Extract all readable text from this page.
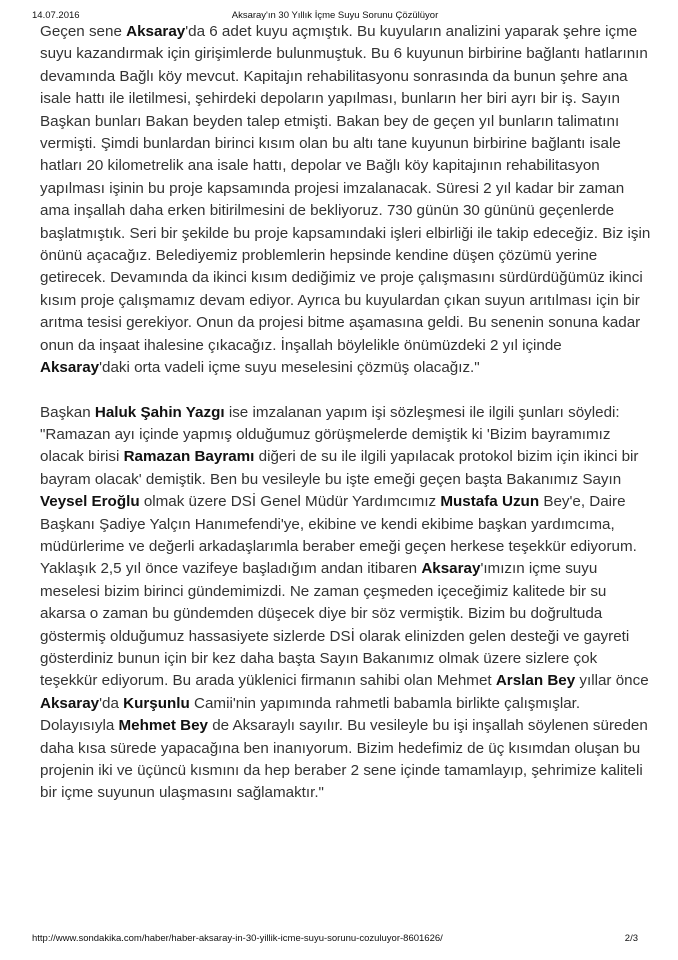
14.07.2016	Aksaray'ın 30 Yıllık İçme Suyu Sorunu Çözülüyor

Geçen sene Aksaray'da 6 adet kuyu açmıştık. Bu kuyuların analizini yaparak şehre içme suyu kazandırmak için girişimlerde bulunmuştuk. Bu 6 kuyunun birbirine bağlantı hatlarının devamında Bağlı köy mevcut. Kapitajın rehabilitasyonu sonrasında da bunun şehre ana isale hattı ile iletilmesi, şehirdeki depoların yapılması, bunların her biri ayrı bir iş. Sayın Başkan bunları Bakan beyden talep etmişti. Bakan bey de geçen yıl bunların talimatını vermişti. Şimdi bunlardan birinci kısım olan bu altı tane kuyunun birbirine bağlantı isale hatları 20 kilometrelik ana isale hattı, depolar ve Bağlı köy kapitajının rehabilitasyon yapılması işinin bu proje kapsamında projesi imzalanacak. Süresi 2 yıl kadar bir zaman ama inşallah daha erken bitirilmesini de bekliyoruz. 730 günün 30 gününü geçenlerde başlatmıştık. Seri bir şekilde bu proje kapsamındaki işleri elbirliği ile takip edeceğiz. Biz işin önünü açacağız. Belediyemiz problemlerin hepsinde kendine düşen çözümü yerine getirecek. Devamında da ikinci kısım dediğimiz ve proje çalışmasını sürdürdüğümüz ikinci kısım proje çalışmamız devam ediyor. Ayrıca bu kuyulardan çıkan suyun arıtılması için bir arıtma tesisi gerekiyor. Onun da projesi bitme aşamasına geldi. Bu senenin sonuna kadar onun da inşaat ihalesine çıkacağız. İnşallah böylelikle önümüzdeki 2 yıl içinde Aksaray'daki orta vadeli içme suyu meselesini çözmüş olacağız."

Başkan Haluk Şahin Yazgı ise imzalanan yapım işi sözleşmesi ile ilgili şunları söyledi: "Ramazan ayı içinde yapmış olduğumuz görüşmelerde demiştik ki 'Bizim bayramımız olacak birisi Ramazan Bayramı diğeri de su ile ilgili yapılacak protokol bizim için ikinci bir bayram olacak' demiştik. Ben bu vesileyle bu işte emeği geçen başta Bakanımız Sayın Veysel Eroğlu olmak üzere DSİ Genel Müdür Yardımcımız Mustafa Uzun Bey'e, Daire Başkanı Şadiye Yalçın Hanımefendi'ye, ekibine ve kendi ekibime başkan yardımcıma, müdürlerime ve değerli arkadaşlarımla beraber emeği geçen herkese teşekkür ediyorum. Yaklaşık 2,5 yıl önce vazifeye başladığım andan itibaren Aksaray'ımızın içme suyu meselesi bizim birinci gündemimizdi. Ne zaman çeşmeden içeceğimiz kalitede bir su akarsa o zaman bu gündemden düşecek diye bir söz vermiştik. Bizim bu doğrultuda göstermiş olduğumuz hassasiyete sizlerde DSİ olarak elinizden gelen desteği ve gayreti gösterdiniz bunun için bir kez daha başta Sayın Bakanımız olmak üzere sizlere çok teşekkür ediyorum. Bu arada yüklenici firmanın sahibi olan Mehmet Arslan Bey yıllar önce Aksaray'da Kurşunlu Camii'nin yapımında rahmetli babamla birlikte çalışmışlar. Dolayısıyla Mehmet Bey de Aksaraylı sayılır. Bu vesileyle bu işi inşallah söylenen süreden daha kısa sürede yapacağına ben inanıyorum. Bizim hedefimiz de üç kısımdan oluşan bu projenin iki ve üçüncü kısmını da hep beraber 2 sene içinde tamamlayıp, şehrimize kaliteli bir içme suyunun ulaşmasını sağlamaktır."

http://www.sondakika.com/haber/haber-aksaray-in-30-yillik-icme-suyu-sorunu-cozuluyor-8601626/	2/3
